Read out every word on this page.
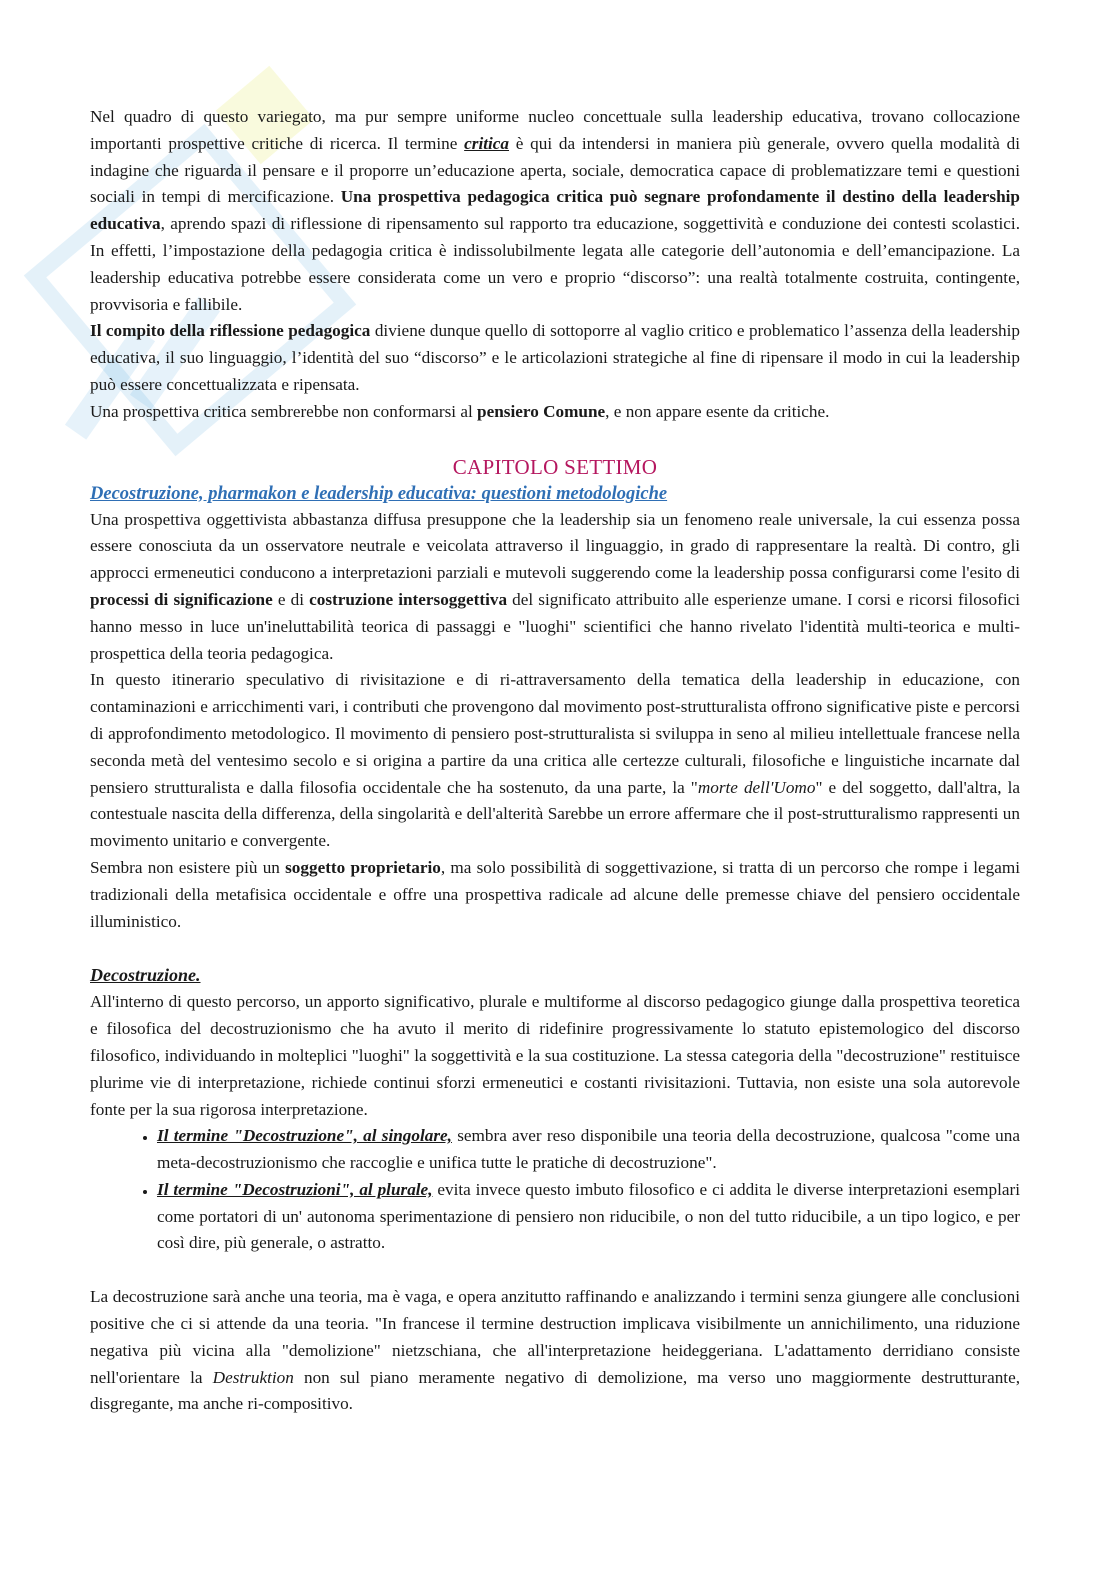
Nel quadro di questo variegato, ma pur sempre uniforme nucleo concettuale sulla leadership educativa, trovano collocazione importanti prospettive critiche di ricerca. Il termine critica è qui da intendersi in maniera più generale, ovvero quella modalità di indagine che riguarda il pensare e il proporre un’educazione aperta, sociale, democratica capace di problematizzare temi e questioni sociali in tempi di mercificazione. Una prospettiva pedagogica critica può segnare profondamente il destino della leadership educativa, aprendo spazi di riflessione di ripensamento sul rapporto tra educazione, soggettività e conduzione dei contesti scolastici. In effetti, l’impostazione della pedagogia critica è indissolubilmente legata alle categorie dell’autonomia e dell’emancipazione. La leadership educativa potrebbe essere considerata come un vero e proprio “discorso”: una realtà totalmente costruita, contingente, provvisoria e fallibile.

Il compito della riflessione pedagogica diviene dunque quello di sottoporre al vaglio critico e problematico l’assenza della leadership educativa, il suo linguaggio, l’identità del suo “discorso” e le articolazioni strategiche al fine di ripensare il modo in cui la leadership può essere concettualizzata e ripensata.

Una prospettiva critica sembrerebbe non conformarsi al pensiero Comune, e non appare esente da critiche.

CAPITOLO SETTIMO
Decostruzione, pharmakon e leadership educativa: questioni metodologiche

Una prospettiva oggettivista abbastanza diffusa presuppone che la leadership sia un fenomeno reale universale, la cui essenza possa essere conosciuta da un osservatore neutrale e veicolata attraverso il linguaggio, in grado di rappresentare la realtà. Di contro, gli approcci ermeneutici conducono a interpretazioni parziali e mutevoli suggerendo come la leadership possa configurarsi come l'esito di processi di significazione e di costruzione intersoggettiva del significato attribuito alle esperienze umane. I corsi e ricorsi filosofici hanno messo in luce un'ineluttabilità teorica di passaggi e "luoghi" scientifici che hanno rivelato l'identità multi-teorica e multi-prospettica della teoria pedagogica.

In questo itinerario speculativo di rivisitazione e di ri-attraversamento della tematica della leadership in educazione, con contaminazioni e arricchimenti vari, i contributi che provengono dal movimento post-strutturalista offrono significative piste e percorsi di approfondimento metodologico. Il movimento di pensiero post-strutturalista si sviluppa in seno al milieu intellettuale francese nella seconda metà del ventesimo secolo e si origina a partire da una critica alle certezze culturali, filosofiche e linguistiche incarnate dal pensiero strutturalista e dalla filosofia occidentale che ha sostenuto, da una parte, la "morte dell'Uomo" e del soggetto, dall'altra, la contestuale nascita della differenza, della singolarità e dell'alterità Sarebbe un errore affermare che il post-strutturalismo rappresenti un movimento unitario e convergente.

Sembra non esistere più un soggetto proprietario, ma solo possibilità di soggettivazione, si tratta di un percorso che rompe i legami tradizionali della metafisica occidentale e offre una prospettiva radicale ad alcune delle premesse chiave del pensiero occidentale illuministico.

Decostruzione.

All'interno di questo percorso, un apporto significativo, plurale e multiforme al discorso pedagogico giunge dalla prospettiva teoretica e filosofica del decostruzionismo che ha avuto il merito di ridefinire progressivamente lo statuto epistemologico del discorso filosofico, individuando in molteplici "luoghi" la soggettività e la sua costituzione. La stessa categoria della "decostruzione" restituisce plurime vie di interpretazione, richiede continui sforzi ermeneutici e costanti rivisitazioni. Tuttavia, non esiste una sola autorevole fonte per la sua rigorosa interpretazione.

• Il termine "Decostruzione", al singolare, sembra aver reso disponibile una teoria della decostruzione, qualcosa "come una meta-decostruzionismo che raccoglie e unifica tutte le pratiche di decostruzione".
• Il termine "Decostruzioni", al plurale, evita invece questo imbuto filosofico e ci addita le diverse interpretazioni esemplari come portatori di un' autonoma sperimentazione di pensiero non riducibile, o non del tutto riducibile, a un tipo logico, e per così dire, più generale, o astratto.

La decostruzione sarà anche una teoria, ma è vaga, e opera anzitutto raffinando e analizzando i termini senza giungere alle conclusioni positive che ci si attende da una teoria. "In francese il termine destruction implicava visibilmente un annichilimento, una riduzione negativa più vicina alla "demolizione" nietzschiana, che all'interpretazione heideggeriana. L'adattamento derridiano consiste nell'orientare la Destruktion non sul piano meramente negativo di demolizione, ma verso uno maggiormente destrutturante, disgregante, ma anche ri-compositivo.
